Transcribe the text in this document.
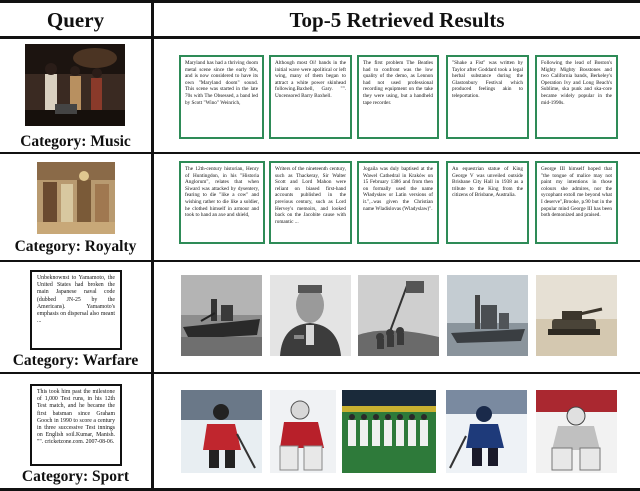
Query	Top-5 Retrieved Results
Category: Music
Maryland has had a thriving doom metal scene since the early 90s, and is now considered to have its own "Maryland doom" sound. This scene was started in the late 70s with The Obsessed, a band led by Scott "Wino" Weinrich,
Although most Oi! bands in the initial wave were apolitical or left wing, many of them began to attract a white power skinhead following.Baxhell, Gary. "". Uncensored Barry Baxhell.
The first problem The Beatles had to confront was the low quality of the demo, as Lennon had not used professional recording equipment on the take they were using, but a handheld tape recorder.
"Shake a Fist" was written by Taylor after Goddard took a legal herbal substance during the Glastonbury Festival which produced feelings akin to teleportation.
Following the lead of Boston's Mighty Mighty Bosstones and two California bands, Berkeley's Operation Ivy and Long Beach's Sublime, ska punk and ska-core became widely popular in the mid-1990s.
Category: Royalty
The 12th-century historian, Henry of Huntingdon, in his "Historia Anglorum", relates that when Siward was attacked by dysentery, fearing to die "like a cow" and wishing rather to die like a soldier, he clothed himself in armour and took to hand an axe and shield,
Writers of the nineteenth century, such as Thackeray, Sir Walter Scott and Lord Mahon were reliant on biased first-hand accounts published in the previous century, such as Lord Hervey's memoirs, and looked back on the Jacobite cause with romantic ...
Jogaila was duly baptised at the Wawel Cathedral in Kraków on 15 February 1386 and from then on formally used the name Władysław or Latin versions of it.",..was given the Christian name Wladislovas (Wladyslaw)".
An equestrian statue of King George V was unveiled outside Brisbane City Hall in 1938 as a tribute to the King from the citizens of Brisbane, Australia.
George III himself hoped that "the tongue of malice may not paint my intentions in those colours she admires, nor the sycophant extoll me beyond what I deserve",Brooke, p.90 but in the popular mind George III has been both demonized and praised.
Unbeknownst to Yamamoto, the United States had broken the main Japanese naval code (dubbed JN-25 by the Americans). Yamamoto's emphasis on dispersal also meant ...
Category: Warfare
This took him past the milestone of 1,000 Test runs, in his 12th Test match, and he became the first batsman since Graham Gooch in 1990 to score a century in three successive Test innings on English soil.Kumar, Manish. "". cricketzone.com. 2007-08-06.
Category: Sport
